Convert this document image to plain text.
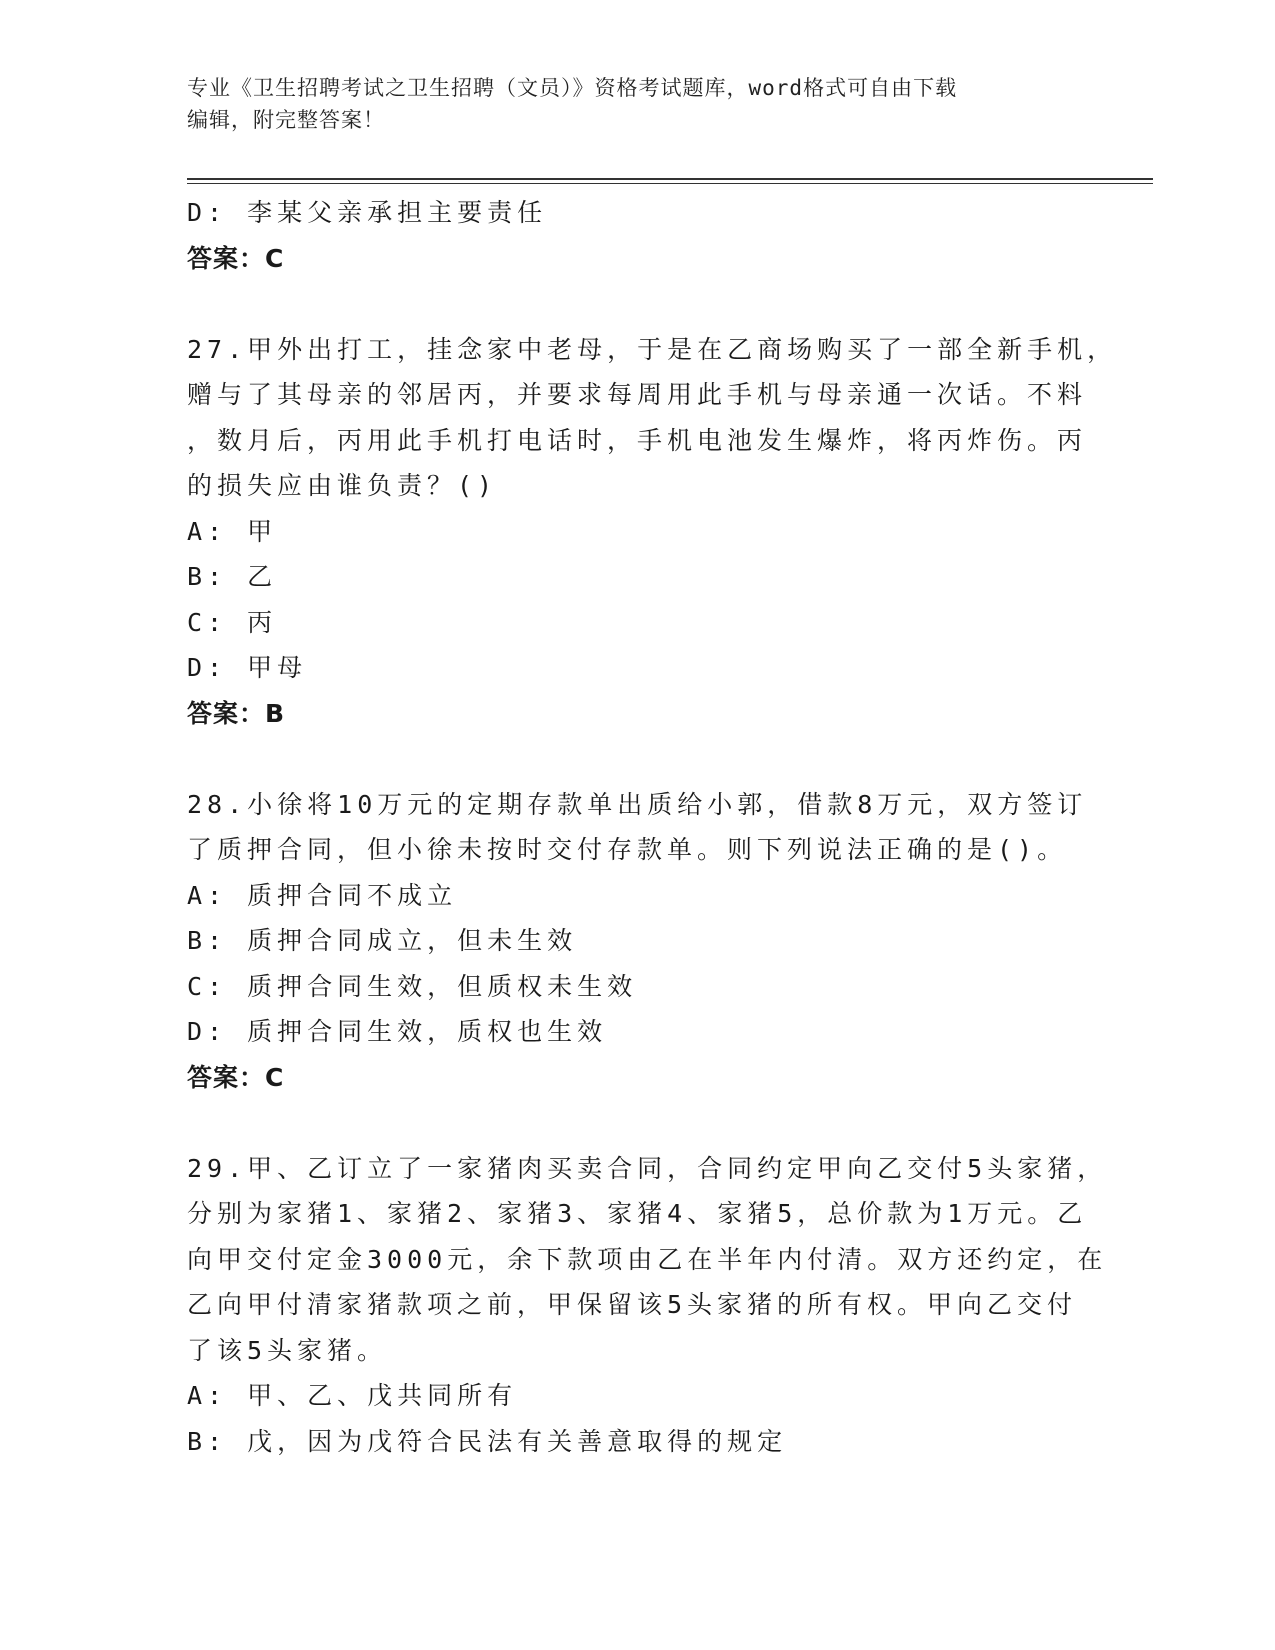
专业《卫生招聘考试之卫生招聘（文员）》资格考试题库，word格式可自由下载
编辑，附完整答案！
D: 李某父亲承担主要责任
答案：C
27.甲外出打工，挂念家中老母，于是在乙商场购买了一部全新手机，
赠与了其母亲的邻居丙，并要求每周用此手机与母亲通一次话。不料
，数月后，丙用此手机打电话时，手机电池发生爆炸，将丙炸伤。丙
的损失应由谁负责？()
A: 甲
B: 乙
C: 丙
D: 甲母
答案：B
28.小徐将10万元的定期存款单出质给小郭，借款8万元，双方签订
了质押合同，但小徐未按时交付存款单。则下列说法正确的是()。
A: 质押合同不成立
B: 质押合同成立，但未生效
C: 质押合同生效，但质权未生效
D: 质押合同生效，质权也生效
答案：C
29.甲、乙订立了一家猪肉买卖合同，合同约定甲向乙交付5头家猪，
分别为家猪1、家猪2、家猪3、家猪4、家猪5，总价款为1万元。乙
向甲交付定金3000元，余下款项由乙在半年内付清。双方还约定，在
乙向甲付清家猪款项之前，甲保留该5头家猪的所有权。甲向乙交付
了该5头家猪。
A: 甲、乙、戊共同所有
B: 戊，因为戊符合民法有关善意取得的规定
